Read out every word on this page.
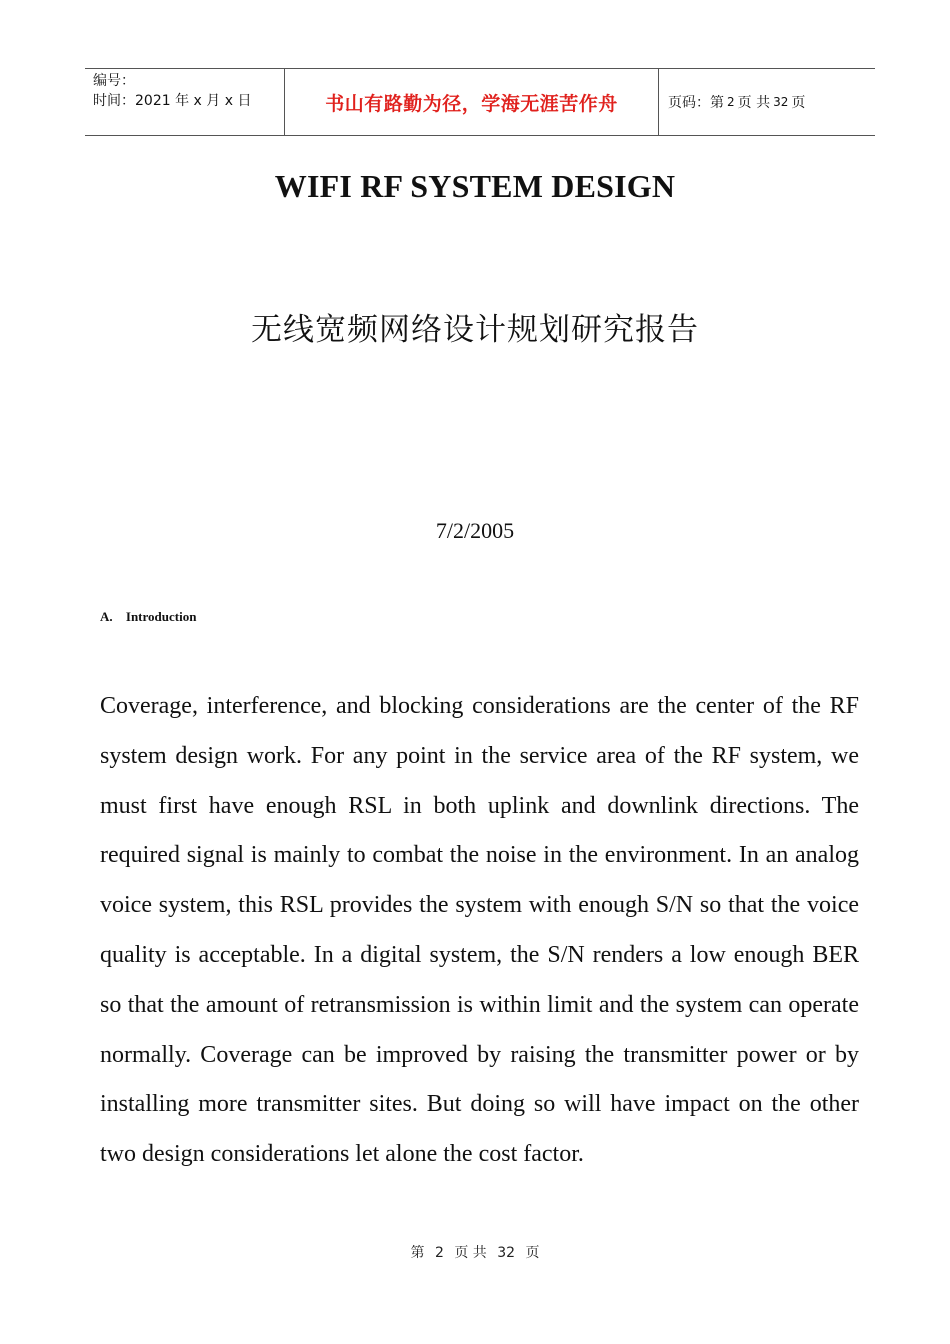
编号：
时间：2021 年 x 月 x 日	书山有路勤为径，学海无涯苦作舟	页码：第 2 页 共 32 页
WIFI RF SYSTEM DESIGN
无线宽频网络设计规划研究报告
7/2/2005
A. Introduction
Coverage, interference, and blocking considerations are the center of the RF system design work. For any point in the service area of the RF system, we must first have enough RSL in both uplink and downlink directions. The required signal is mainly to combat the noise in the environment. In an analog voice system, this RSL provides the system with enough S/N so that the voice quality is acceptable. In a digital system, the S/N renders a low enough BER so that the amount of retransmission is within limit and the system can operate normally. Coverage can be improved by raising the transmitter power or by installing more transmitter sites. But doing so will have impact on the other two design considerations let alone the cost factor.
第 2 页 共 32 页
